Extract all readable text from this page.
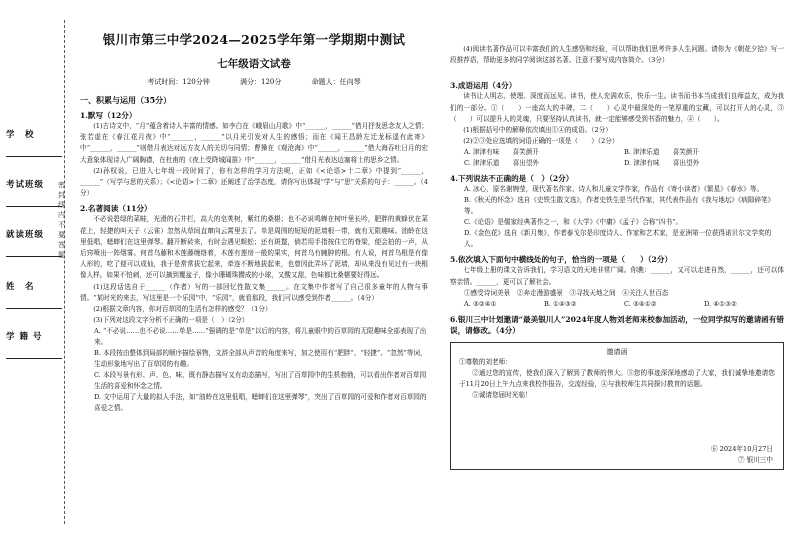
学　校
考试班级
就读班级
姓　名
学 籍 号
密封线内不要答题
银川市第三中学2024—2025学年第一学期期中测试
七年级语文试卷
考试时间：120分钟	满分：120分	命题人：任向琴
一、积累与运用（35分）
1.默写（12分）
(1)古诗文中，“月”蕴含着诗人丰富的情感。如李白在《峨眉山月歌》中“______，______”借月抒发思念友人之情；张若虚在《春江花月夜》中“_______，______”以月光引发对人生的感悟；而在《闻王昌龄左迁龙标遥有此寄》中“______，______”则借月表达对远方友人的关切与同情；曹操在《观沧海》中“______，______”借大海吞吐日月的宏大意象体现诗人广阔胸襟，在杜甫的《夜上受降城闻笛》中“______，______”借月光表达边塞将士的思乡之情。
(2)孙权说，已进入七年级一段时间了，你有怎样的学习方法呢，正如《<论语>十二章》中提到“______，______”（写学与思的关系）；《<论语>十二章》还阐述了治学态度，请你写出体现“学”与“思”关系的句子：______。（4分）
2.名著阅读（11分）
不必说碧绿的菜畦，光滑的石井栏，高大的皂荚树，紫红的桑椹；也不必说鸣蝉在树叶里长吟，肥胖的黄蜂伏在菜花上，轻捷的叫天子（云雀）忽然从草间直窜向云霄里去了。单是周围的短短的泥墙根一带，就有无限趣味。油蛉在这里低唱，蟋蟀们在这里弹琴。翻开断砖来，有时会遇见蜈蚣；还有斑蝥，倘若用手指按住它的脊梁，便会拍的一声，从后窍喷出一阵烟雾。何首乌藤和木莲藤缠络着，木莲有莲房一般的果实，何首乌有臃肿的根。有人说，何首乌根是有像人形的，吃了便可以成仙，我于是常常拔它起来，牵连不断地拔起来，也曾因此弄坏了泥墙，却从来没有见过有一块根像人样。如果不怕刺，还可以摘到覆盆子，像小珊瑚珠攒成的小球，又酸又甜，色味都比桑椹要好得远。
(1)这段话选自于______（作者）写的一部回忆性散文集______。在文集中作者写了自己很多童年的人物与事情。“某时光的来去，写这里是一个乐园”中，“乐园”，就看那段，我们可以感受到作者______。（4分）
(2)根据文章内容，你对百草园的生活有怎样的感受？（1分）
(3)下列对这段文字分析不正确的一项是（　）（2分）
A. “不必说……也不必说……单是……”强调的是“单是”以后的内容，将儿童眼中的百草园的无限趣味全部表现了出来。
B. 本段按由整体到局部的顺序描绘景物，文辞全部从声音的角度来写，加之使用有“肥胖”、“轻捷”、“忽然”等词，生动形象地写出了百草园的有趣。
C. 本段写景有形、声、色、味，既有静态描写又有动态描写，写出了百草园中的生机勃勃，可以看出作者对百草园生活的喜爱和怀念之情。
D. 文中运用了大量的拟人手法，如“油蛉在这里低唱，蟋蟀们在这里弹琴”，突出了百草园的可爱和作者对百草园的喜爱之情。
(4)阅读名著作品可以丰富我们的人生感悟和经验，可以帮助我们思考许多人生问题。请你为《朝花夕拾》写一段推荐语，帮助更多的同学阅读这部名著。注意不要写成内容简介。（3分）
3.成语运用（4分）
读书让人明志、使理、深度而远见。读书，使人充满欢乐，快乐一生。读书而书本当成我们良师益友，成为我们的一部分。①（　　）一座高大的丰碑，二（　　）心灵中最深处的一笔厚重的宝藏，可以打开人的心灵，③（　　）可以提升人的灵魂，只要坚持认真读书，就一定能够感受到书香的魅力，④（　　）。
(1)根据括号中的解释依次填出①④的成语。（2分）
(2)②③处应选填的词语正确的一项是（　　）（2分）
A. 津津有味　　喜笑颜开	B. 津津乐道　　喜笑颜开
C. 津津乐道　　喜出望外	D. 津津有味　　喜出望外
4.下列说法不正确的是（　）（2分）
A. 冰心，原名谢婉莹，现代著名作家、诗人和儿童文学作家，作品有《寄小读者》《繁星》《春水》等。
B.《秋天的怀念》选自《史铁生散文选》，作者史铁生是当代作家，其代表作品有《我与地坛》《病隙碎笔》等。
C.《论语》是儒家经典著作之一，和《大学》《中庸》《孟子》合称“四书”。
D.《金色花》选自《新月集》，作者泰戈尔是印度诗人、作家和艺术家，是亚洲第一位获得诺贝尔文学奖的人。
5.依次填入下面句中横线处的句子，恰当的一项是（　　）（2分）
七年级上册的课文告诉我们，学习语文的天地非常广阔。你瞧：______，又可以走进自然，______，还可以体察亲情。______，更可以了解社会。
①感受诗词美景　②奔走漫游盛景　③寻找天地之间　④关注人世百态
A. ③②④①	B. ①④③②	C. ③④①②	D. ④①③②
6.银川三中计划邀请“最美银川人”2024年度人物刘老师来校参加活动，一位同学拟写的邀请函有错误，请修改。（4分）
邀请函
①尊敬的刘老师：
②通过您的宣传，使我们深入了解到了教师的伟大。③您的事迹深深地感动了大家，我们诚挚地邀请您于11月20日上午九点来我校作报告，交流经验，④与我校师生共同探讨教育的话题。
⑤诚请您届时光临！
⑥ 2024年10月27日
⑦ 银川三中
